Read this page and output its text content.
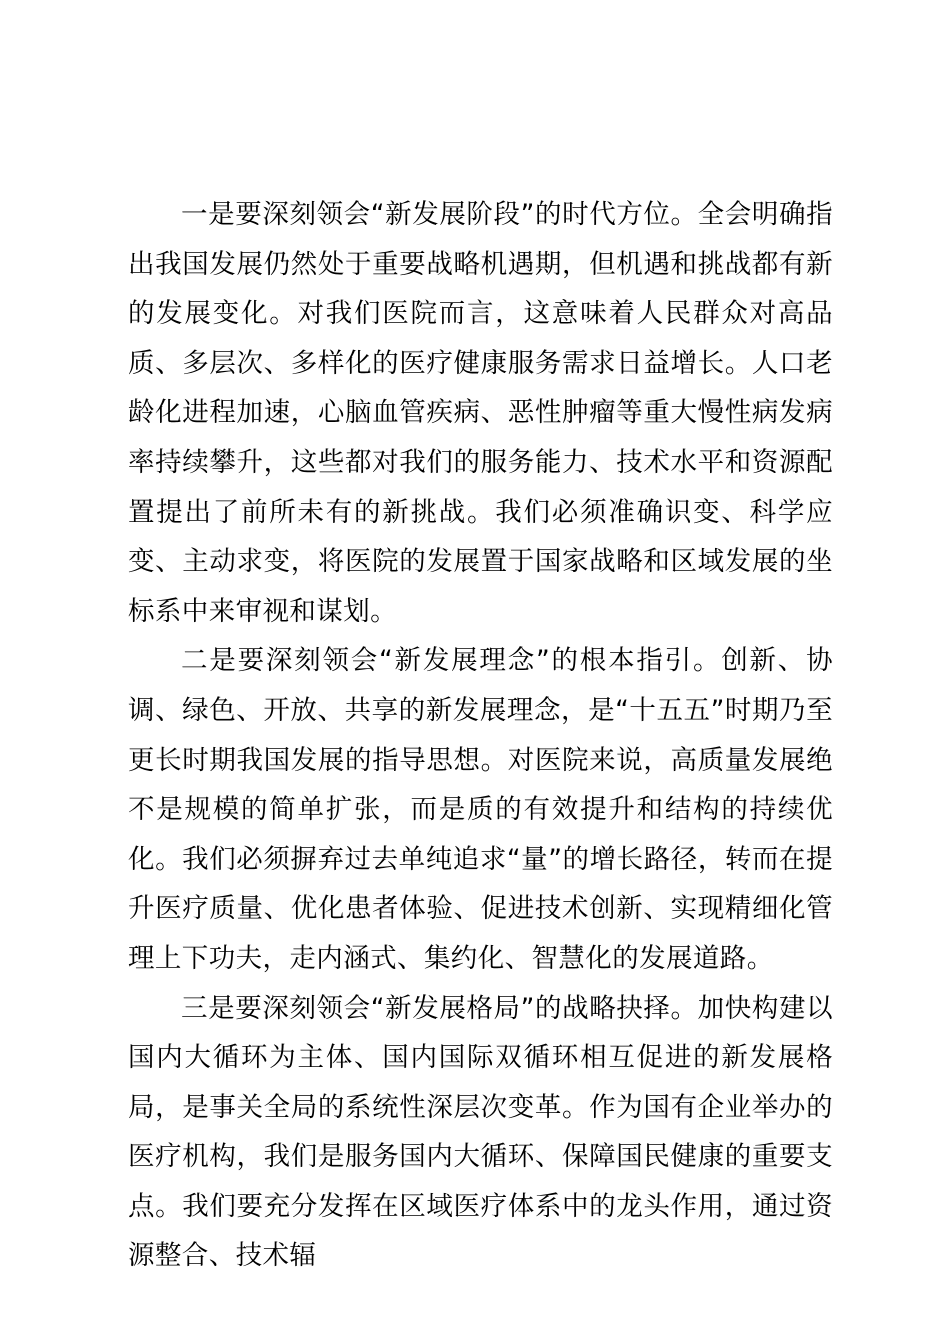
一是要深刻领会“新发展阶段”的时代方位。全会明确指出我国发展仍然处于重要战略机遇期，但机遇和挑战都有新的发展变化。对我们医院而言，这意味着人民群众对高品质、多层次、多样化的医疗健康服务需求日益增长。人口老龄化进程加速，心脑血管疾病、恶性肿瘤等重大慢性病发病率持续攀升，这些都对我们的服务能力、技术水平和资源配置提出了前所未有的新挑战。我们必须准确识变、科学应变、主动求变，将医院的发展置于国家战略和区域发展的坐标系中来审视和谋划。

二是要深刻领会“新发展理念”的根本指引。创新、协调、绿色、开放、共享的新发展理念，是“十五五”时期乃至更长时期我国发展的指导思想。对医院来说，高质量发展绝不是规模的简单扩张，而是质的有效提升和结构的持续优化。我们必须摒弃过去单纯追求“量”的增长路径，转而在提升医疗质量、优化患者体验、促进技术创新、实现精细化管理上下功夫，走内涵式、集约化、智慧化的发展道路。

三是要深刻领会“新发展格局”的战略抉择。加快构建以国内大循环为主体、国内国际双循环相互促进的新发展格局，是事关全局的系统性深层次变革。作为国有企业举办的医疗机构，我们是服务国内大循环、保障国民健康的重要支点。我们要充分发挥在区域医疗体系中的龙头作用，通过资源整合、技术辐
